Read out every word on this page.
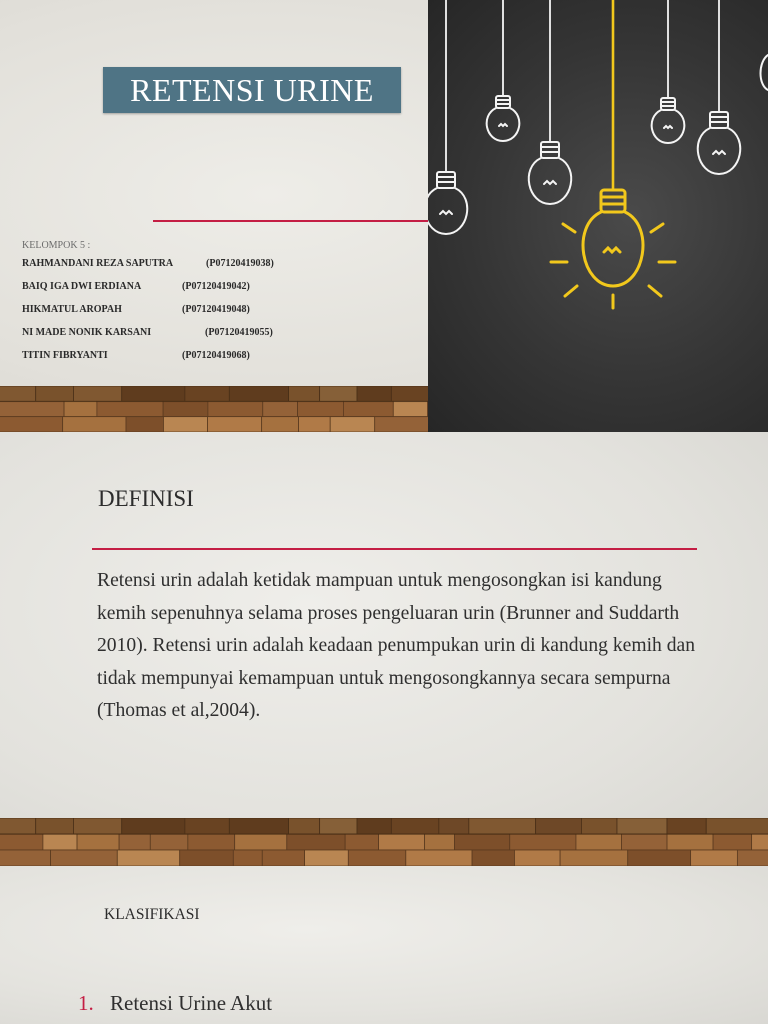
RETENSI URINE
KELOMPOK 5 :
RAHMANDANI REZA SAPUTRA	(P07120419038)
BAIQ IGA DWI ERDIANA	(P07120419042)
HIKMATUL AROPAH	(P07120419048)
NI MADE NONIK KARSANI	(P07120419055)
TITIN FIBRYANTI	(P07120419068)
DEFINISI
Retensi urin adalah ketidak mampuan untuk mengosongkan isi kandung kemih sepenuhnya selama proses pengeluaran urin (Brunner and Suddarth 2010). Retensi urin adalah keadaan penumpukan urin di kandung kemih dan tidak mempunyai kemampuan untuk mengosongkannya secara sempurna (Thomas et al,2004).
KLASIFIKASI
1. Retensi Urine Akut
